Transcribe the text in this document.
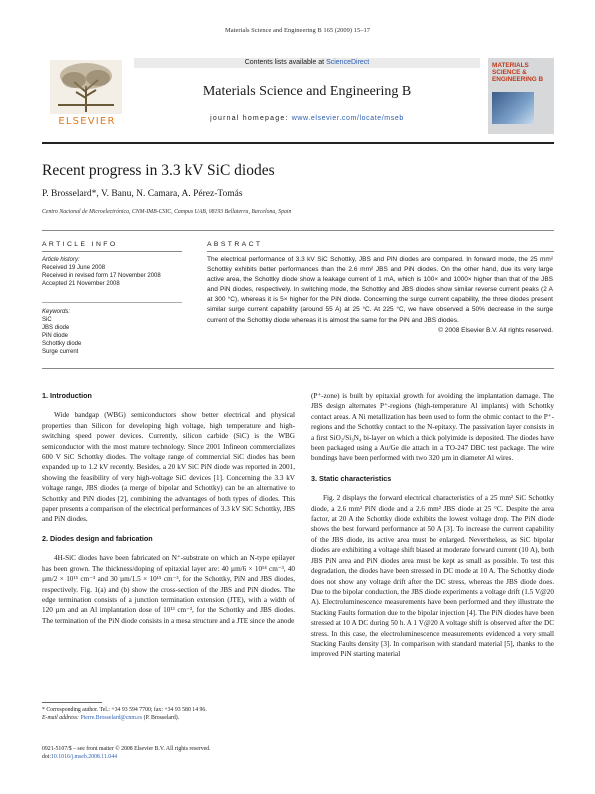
Materials Science and Engineering B 165 (2009) 15–17
ELSEVIER
Contents lists available at ScienceDirect
Materials Science and Engineering B
journal homepage: www.elsevier.com/locate/mseb
MATERIALS SCIENCE & ENGINEERING B
Recent progress in 3.3 kV SiC diodes
P. Brosselard*, V. Banu, N. Camara, A. Pérez-Tomás
Centro Nacional de Microelectrónica, CNM-IMB-CSIC, Campus UAB, 08193 Bellaterra, Barcelona, Spain
ARTICLE INFO	ABSTRACT
Article history:
Received 19 June 2008
Received in revised form 17 November 2008
Accepted 21 November 2008
Keywords:
SiC
JBS diode
PiN diode
Schottky diode
Surge current
The electrical performance of 3.3 kV SiC Schottky, JBS and PiN diodes are compared. In forward mode, the 25 mm² Schottky exhibits better performances than the 2.6 mm² JBS and PiN diodes. On the other hand, due its very large active area, the Schottky diode show a leakage current of 1 mA, which is 100× and 1000× higher than that of the JBS and PiN diodes, respectively. In switching mode, the Schottky and JBS diodes show similar reverse current peaks (2 A at 300 °C), whereas it is 5× higher for the PiN diode. Concerning the surge current capability, the three diodes present similar surge current capability (around 55 A) at 25 °C. At 225 °C, we have observed a 50% decrease in the surge current of the Schottky diode whereas it is almost the same for the PiN and JBS diodes.
© 2008 Elsevier B.V. All rights reserved.
1. Introduction

Wide bandgap (WBG) semiconductors show better electrical and physical properties than Silicon for developing high voltage, high temperature and high-switching speed power devices. Currently, silicon carbide (SiC) is the WBG semiconductor with the most mature technology. Since 2001 Infineon commercializes 600 V SiC Schottky diodes. The voltage range of commercial SiC diodes has been expanded up to 1.2 kV recently. Besides, a 20 kV SiC PiN diode was reported in 2001, showing the feasibility of very high-voltage SiC devices [1]. Concerning the 3.3 kV voltage range, JBS diodes (a merge of bipolar and Schottky) can be an alternative to Schottky and PiN diodes [2], combining the advantages of both types of diodes. This paper presents a comparison of the electrical performances of 3.3 kV SiC Schottky, JBS and PiN diodes.

2. Diodes design and fabrication

4H-SiC diodes have been fabricated on N⁺-substrate on which an N-type epilayer has been grown. The thickness/doping of epitaxial layer are: 40 µm/6 × 10¹⁴ cm⁻³, 40 µm/2 × 10¹⁵ cm⁻³ and 30 µm/1.5 × 10¹⁵ cm⁻³, for the Schottky, PiN and JBS diodes, respectively. Fig. 1(a) and (b) show the cross-section of the JBS and PiN diodes. The edge termination consists of a junction termination extension (JTE), with a width of 120 µm and an Al implantation dose of 10¹³ cm⁻³, for the Schottky and JBS diodes. The termination of the PiN diode consists in a mesa structure and a JTE since the anode

(P⁺-zone) is built by epitaxial growth for avoiding the implantation damage. The JBS design alternates P⁺-regions (high-temperature Al implants) with Schottky contact areas. A Ni metallization has been used to form the ohmic contact to the P⁺-regions and the Schottky contact to the N-epitaxy. The passivation layer consists in a first SiO₂/Si₃N₄ bi-layer on which a thick polyimide is deposited. The diodes have been packaged using a Au/Ge die attach in a TO-247 DBC test package. The wire bondings have been performed with two 320 µm in diameter Al wires.

3. Static characteristics

Fig. 2 displays the forward electrical characteristics of a 25 mm² SiC Schottky diode, a 2.6 mm² PiN diode and a 2.6 mm² JBS diode at 25 °C. Despite the area factor, at 20 A the Schottky diode exhibits the lowest voltage drop. The PiN diode shows the best forward performance at 50 A [3]. To increase the current capability of the JBS diode, its active area must be enlarged. Nevertheless, as SiC bipolar diodes are exhibiting a voltage shift biased at moderate forward current (10 A), both JBS PiN area and PiN diodes area must be kept as small as possible. To test this degradation, the diodes have been stressed in DC mode at 10 A. The Schottky diode does not show any voltage drift after the DC stress, whereas the JBS diode does. Due to the bipolar conduction, the JBS diode experiments a voltage drift (1.5 V@20 A). Electroluminescence measurements have been performed and they illustrate the Stacking Faults formation due to the bipolar injection [4]. The PiN diodes have been stressed at 10 A DC during 50 h. A 1 V@20 A voltage shift is observed after the DC stress. In this case, the electroluminescence measurements evidenced a very small Stacking Faults density [3]. In comparison with standard material [5], thanks to the improved PiN starting material

* Corresponding author. Tel.: +34 93 594 7700; fax: +34 93 580 14 96.
E-mail address: Pierre.Brosselard@cnm.es (P. Brosselard).
0921-5107/$ – see front matter © 2008 Elsevier B.V. All rights reserved.
doi:10.1016/j.mseb.2008.11.044
